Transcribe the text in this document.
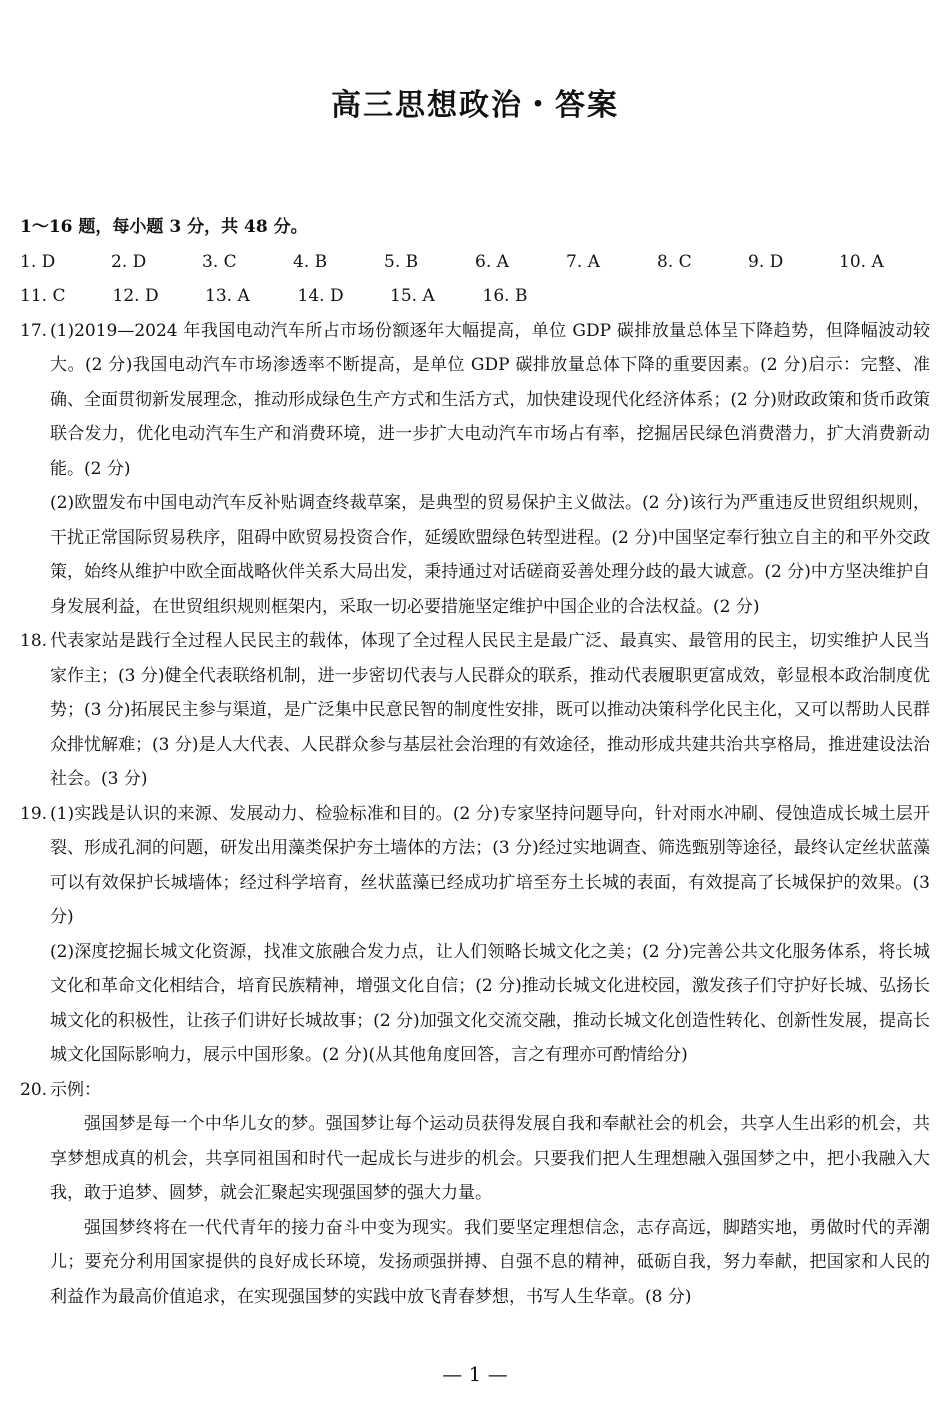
高三思想政治・答案
1～16 题，每小题 3 分，共 48 分。
1. D	2. D	3. C	4. B	5. B	6. A	7. A	8. C	9. D	10. A
11. C	12. D	13. A	14. D	15. A	16. B
17. (1)2019—2024 年我国电动汽车所占市场份额逐年大幅提高，单位 GDP 碳排放量总体呈下降趋势，但降幅波动较大。(2 分)我国电动汽车市场渗透率不断提高，是单位 GDP 碳排放量总体下降的重要因素。(2 分)启示：完整、准确、全面贯彻新发展理念，推动形成绿色生产方式和生活方式，加快建设现代化经济体系；(2 分)财政政策和货币政策联合发力，优化电动汽车生产和消费环境，进一步扩大电动汽车市场占有率，挖掘居民绿色消费潜力，扩大消费新动能。(2 分)

(2)欧盟发布中国电动汽车反补贴调查终裁草案，是典型的贸易保护主义做法。(2 分)该行为严重违反世贸组织规则，干扰正常国际贸易秩序，阻碍中欧贸易投资合作，延缓欧盟绿色转型进程。(2 分)中国坚定奉行独立自主的和平外交政策，始终从维护中欧全面战略伙伴关系大局出发，秉持通过对话磋商妥善处理分歧的最大诚意。(2 分)中方坚决维护自身发展利益，在世贸组织规则框架内，采取一切必要措施坚定维护中国企业的合法权益。(2 分)

18. 代表家站是践行全过程人民民主的载体，体现了全过程人民民主是最广泛、最真实、最管用的民主，切实维护人民当家作主；(3 分)健全代表联络机制，进一步密切代表与人民群众的联系，推动代表履职更富成效，彰显根本政治制度优势；(3 分)拓展民主参与渠道，是广泛集中民意民智的制度性安排，既可以推动决策科学化民主化，又可以帮助人民群众排忧解难；(3 分)是人大代表、人民群众参与基层社会治理的有效途径，推动形成共建共治共享格局，推进建设法治社会。(3 分)

19. (1)实践是认识的来源、发展动力、检验标准和目的。(2 分)专家坚持问题导向，针对雨水冲刷、侵蚀造成长城土层开裂、形成孔洞的问题，研发出用藻类保护夯土墙体的方法；(3 分)经过实地调查、筛选甄别等途径，最终认定丝状蓝藻可以有效保护长城墙体；经过科学培育，丝状蓝藻已经成功扩培至夯土长城的表面，有效提高了长城保护的效果。(3 分)

(2)深度挖掘长城文化资源，找准文旅融合发力点，让人们领略长城文化之美；(2 分)完善公共文化服务体系，将长城文化和革命文化相结合，培育民族精神，增强文化自信；(2 分)推动长城文化进校园，激发孩子们守护好长城、弘扬长城文化的积极性，让孩子们讲好长城故事；(2 分)加强文化交流交融，推动长城文化创造性转化、创新性发展，提高长城文化国际影响力，展示中国形象。(2 分)(从其他角度回答，言之有理亦可酌情给分)

20. 示例：

强国梦是每一个中华儿女的梦。强国梦让每个运动员获得发展自我和奉献社会的机会，共享人生出彩的机会，共享梦想成真的机会，共享同祖国和时代一起成长与进步的机会。只要我们把人生理想融入强国梦之中，把小我融入大我，敢于追梦、圆梦，就会汇聚起实现强国梦的强大力量。

强国梦终将在一代代青年的接力奋斗中变为现实。我们要坚定理想信念，志存高远，脚踏实地，勇做时代的弄潮儿；要充分利用国家提供的良好成长环境，发扬顽强拼搏、自强不息的精神，砥砺自我，努力奉献，把国家和人民的利益作为最高价值追求，在实现强国梦的实践中放飞青春梦想，书写人生华章。(8 分)

— 1 —
